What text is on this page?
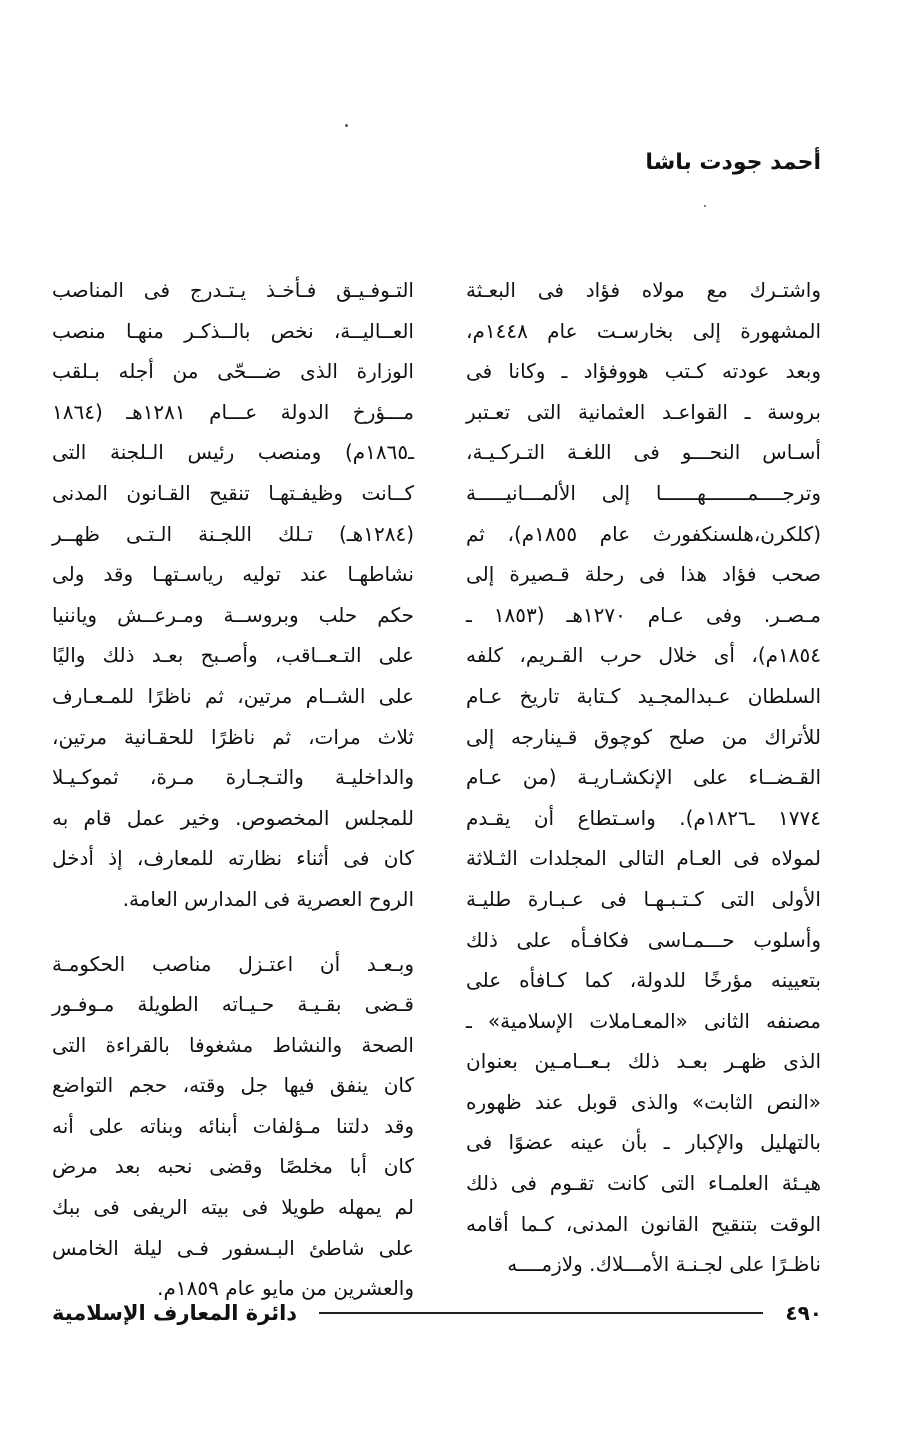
أحمد جودت باشا
واشتـرك مع مولاه فؤاد فى البعـثة
المشهورة إلى بخارسـت عام ١٤٤٨م،
وبعد عودته كـتب هووفؤاد ـ وكانا فى
بروسة ـ القواعـد العثمانية التى تعـتبر
أسـاس النحـــو فى اللغـة التـركـيـة،
وترجــــمـــــــهــــــا إلى الألمـــانيـــــة
(كلكرن،هلسنكفورث عام ١٨٥٥م)، ثم
صحب فؤاد هذا فى رحلة قـصيرة إلى
مـصـر. وفى عـام ١٢٧٠هـ (١٨٥٣ ـ
١٨٥٤م)، أى خلال حرب القـريم، كلفه
السلطان عـبدالمجـيد كـتابة تاريخ عـام
للأتراك من صلح كوچوق قـينارجه إلى
القـضــاء على الإنكشـاريـة (من عـام
١٧٧٤ ـ١٨٢٦م). واسـتطاع أن يقـدم
لمولاه فى العـام التالى المجلدات الثـلاثة
الأولى التى كـتـبـهـا فى عـبـارة طليـة
وأسلوب حـــمـاسى فكافـأه على ذلك
بتعيينه مؤرخًا للدولة، كما كـافأه على
مصنفه الثانى «المعـاملات الإسلامية» ـ
الذى ظهـر بعـد ذلك بـعــامـين بعنوان
«النص الثابت» والذى قوبل عند ظهوره
بالتهليل والإكبار ـ بأن عينه عضوًا فى
هيـئة العلمـاء التى كانت تقـوم فى ذلك
الوقت بتنقيح القانون المدنى، كـما أقامه
ناظـرًا على لجـنـة الأمـــلاك. ولازمــــه
التـوفـيـق فـأخـذ يـتـدرج فى المناصب
العــاليــة، نخص بالــذكـر منهـا منصب
الوزارة الذى ضـــحّى من أجله بـلقب
مـــؤرخ الدولة عـــام ١٢٨١هـ (١٨٦٤
ـ١٨٦٥م) ومنصب رئيس الـلجنة التى
كــانت وظيفـتهـا تنقيح القـانون المدنى
(١٢٨٤هـ) تـلك اللجـنة الـتـى ظهــر
نشاطهـا عند توليه رياسـتهـا وقد ولى
حكم حلب وبروســة ومـرعــش وياننيا
على التـعــاقب، وأصـبح بعـد ذلك واليًا
على الشــام مرتين، ثم ناظرًا للمـعـارف
ثلاث مرات، ثم ناظرًا للحقـانية مرتين،
والداخليـة والتـجـارة مـرة، ثموكـيـلا
للمجلس المخصوص. وخير عمل قام به
كان فى أثناء نظارته للمعارف، إذ أدخل
الروح العصرية فى المدارس العامة.
وبـعـد أن اعتـزل مناصب الحكومـة
قـضى بقـيـة حـيـاته الطويلة مـوفـور
الصحة والنشاط مشغوفا بالقراءة التى
كان ينفق فيها جل وقته، حجم التواضع
وقد دلتنا مـؤلفات أبنائه وبناته على أنه
كان أبا مخلصًا وقضى نحبه بعد مرض
لم يمهله طويلا فى بيته الريفى فى ببك
على شاطئ البـسفور فـى ليلة الخامس
والعشرين من مايو عام ١٨٥٩م.
٤٩٠
دائرة المعارف الإسلامية
